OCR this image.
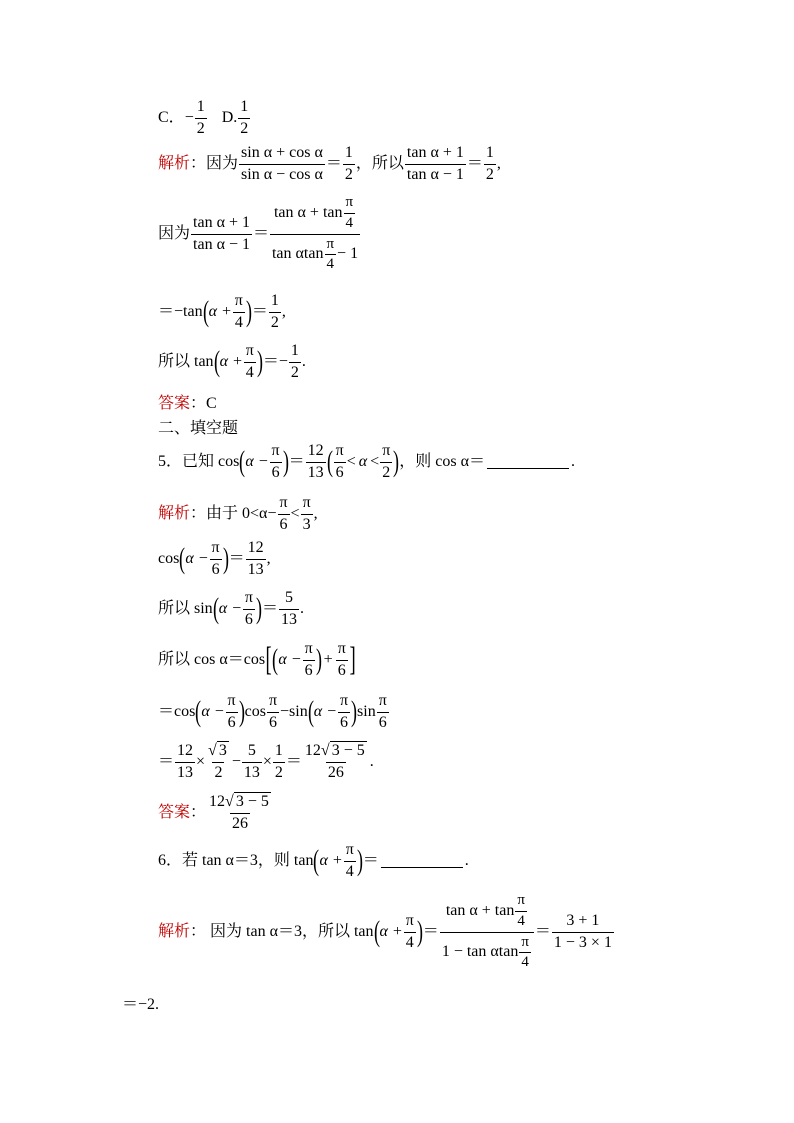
C． − $\frac{1}{2} D$. $\frac{1}{2}$
解析 ： 因为 $\frac{\text{sin α + cos α}}{\text{sin α − cos α}} = \frac{1}{2}$ ， 所以 $\frac{\text{tan α + 1}}{\text{tan α − 1}} = \frac{1}{2}$ ,
因为 $\frac{\text{tan α + 1}}{\text{tan α − 1}} = \frac{\tan \alpha + \tan \frac{\pi}{4}}{\tan \alpha\tan \frac{\pi}{4} - 1}$
＝−tan ( $\alpha + \frac{\pi}{4}$ ) ＝ $\frac{1}{2}$ ,
所以 tan ( $\alpha + \frac{\pi}{4}$ ) ＝− $\frac{1}{2}$ .
答案 ： C
二、填空题
5．已知 cos ( $\alpha - \frac{\pi}{6}$ ) ＝ $\frac{12}{13}$ ( $\frac{\pi}{6} < \alpha < \frac{\pi}{2}$ ) ，则 cos α＝	.
解析 ： 由于 $0<\alpha- \frac{\pi}{6} < \frac{\pi}{3}$ ,
cos ( $\alpha - \frac{\pi}{6}$ ) ＝ $\frac{12}{13}$ ,
所以 sin ( $\alpha - \frac{\pi}{6}$ ) ＝ $\frac{5}{13}$ .
所以 cos α＝cos [ ( $\alpha - \frac{\pi}{6}$ ) + $\frac{\pi}{6}$ ]
＝cos ( $\alpha - \frac{\pi}{6}$ ) $\cos \frac{\pi}{6} -\sin$ ( $\alpha - \frac{\pi}{6}$ ) $\sin \frac{\pi}{6}$
＝ $\frac{12}{13} \times \frac{√ 3}{2} - \frac{5}{13} \times \frac{1}{2} = \frac{12√ 3 - 5}{26}$ .
答案 ： $\frac{12√ 3 - 5}{26}$
6．若 tan α＝3，则 tan ( $\alpha + \frac{\pi}{4}$ ) ＝	.
解析 ： 因为 tan α＝3，所以 tan ( $\alpha + \frac{\pi}{4}$ ) ＝ $\frac{\tan \alpha + \tan \frac{\pi}{4}}{1 - \tan \alpha\tan \frac{\pi}{4}} = \frac{3 + 1}{1 - 3 \times 1}$
＝−2.
